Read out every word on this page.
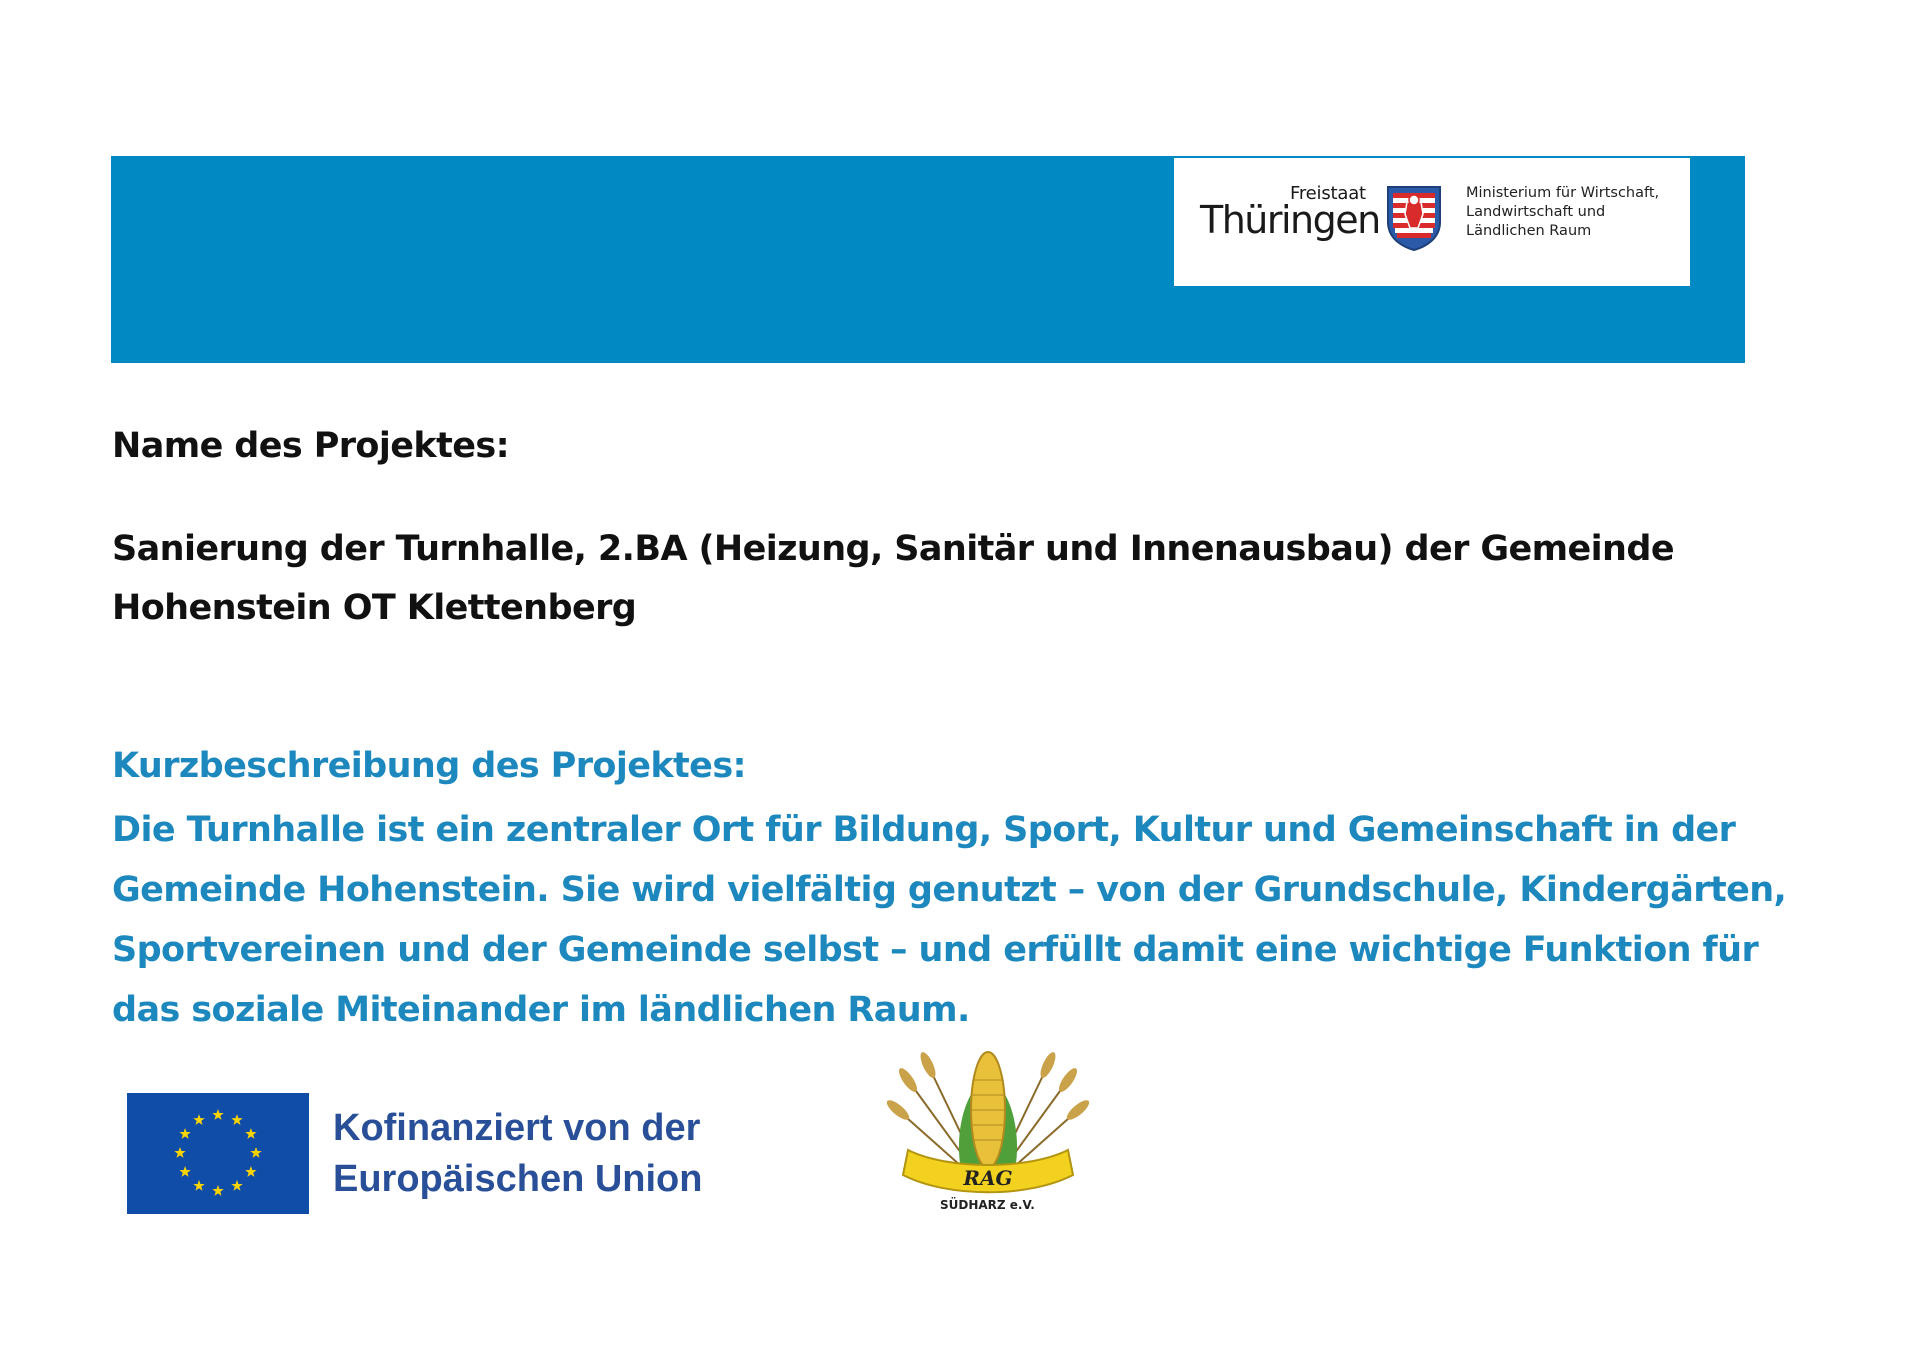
Freistaat
Thüringen
Ministerium für Wirtschaft,
Landwirtschaft und
Ländlichen Raum
Name des Projektes:
Sanierung der Turnhalle, 2.BA (Heizung, Sanitär und Innenausbau) der Gemeinde
Hohenstein OT Klettenberg
Kurzbeschreibung des Projektes:

Die Turnhalle ist ein zentraler Ort für Bildung, Sport, Kultur und Gemeinschaft in der
Gemeinde Hohenstein. Sie wird vielfältig genutzt – von der Grundschule, Kindergärten,
Sportvereinen und der Gemeinde selbst – und erfüllt damit eine wichtige Funktion für
das soziale Miteinander im ländlichen Raum.

Kofinanziert von der
Europäischen Union	RAG
SÜDHARZ e.V.
